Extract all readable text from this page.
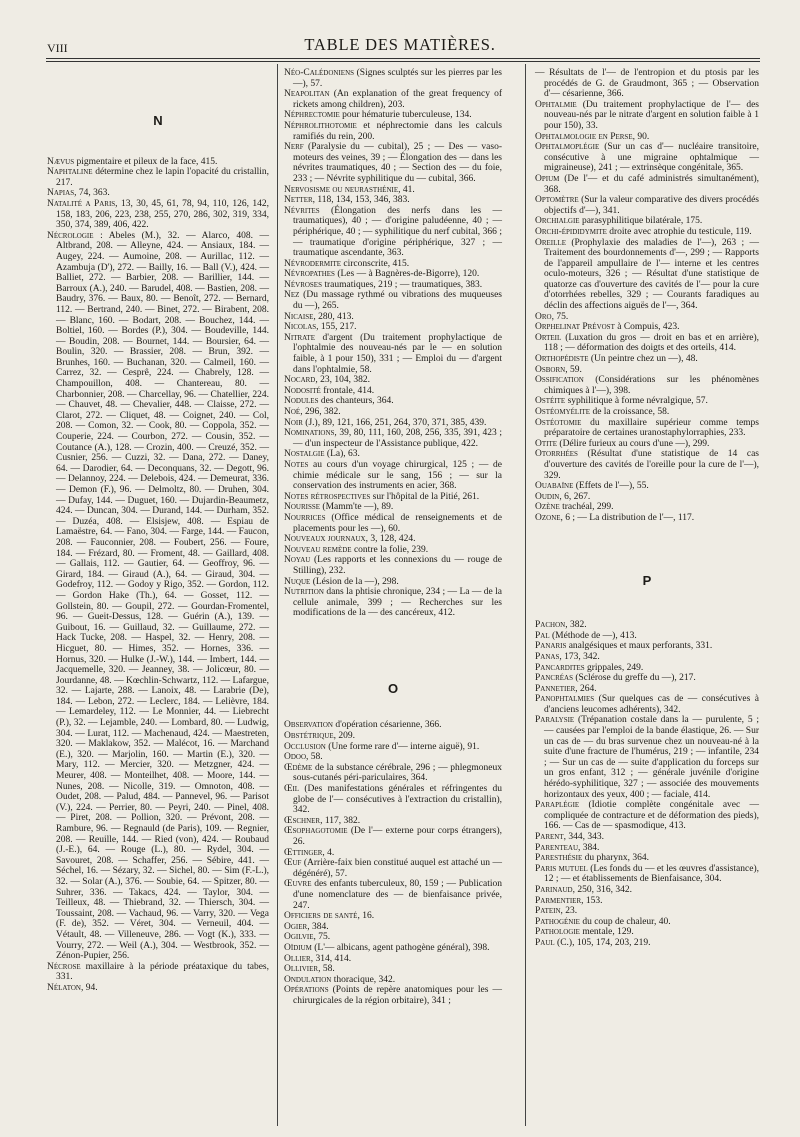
VIII	TABLE DES MATIÈRES.
N

Nævus pigmentaire et pileux de la face, 415.

Naphtaline détermine chez le lapin l'opacité du cristallin, 217.

Napias, 74, 363.

Natalité a Paris, 13, 30, 45, 61, 78, 94, 110, 126, 142, 158, 183, 206, 223, 238, 255, 270, 286, 302, 319, 334, 350, 374, 389, 406, 422.

Nécrologie : Abeles (M.), 32. — Alarco, 408. — Altbrand, 208. — Alleyne, 424. — Ansiaux, 184. — Augey, 224. — Aumoine, 208. — Aurillac, 112. — Azambuja (D'), 272. — Bailly, 16. — Ball (V.), 424. — Balliet, 272. — Barbier, 208. — Barillier, 144. — Barroux (A.), 240. — Barudel, 408. — Bastien, 208. — Baudry, 376. — Baux, 80. — Benoît, 272. — Bernard, 112. — Bertrand, 240. — Binet, 272. — Birabent, 208. — Blanc, 160. — Bodart, 208. — Bouchez, 144. — Boltiel, 160. — Bordes (P.), 304. — Boudeville, 144. — Boudin, 208. — Bournet, 144. — Boursier, 64. — Boulin, 320. — Brassier, 208. — Brun, 392. — Brunhes, 160. — Buchanan, 320. — Calmeil, 160. — Carrez, 32. — Cesprê, 224. — Chabrely, 128. — Champouillon, 408. — Chantereau, 80. — Charbonnier, 208. — Charcellay, 96. — Chatellier, 224. — Chauvet, 48. — Chevalier, 448. — Claisse, 272. — Clarot, 272. — Cliquet, 48. — Coignet, 240. — Col, 208. — Comon, 32. — Cook, 80. — Coppola, 352. — Couperie, 224. — Courbon, 272. — Cousin, 352. — Coutance (A.), 128. — Crozin, 400. — Creuzé, 352. — Cusnier, 256. — Cuzzi, 32. — Dana, 272. — Daney, 64. — Darodier, 64. — Deconquans, 32. — Degott, 96. — Delannoy, 224. — Delebois, 424. — Demeurat, 336. — Demon (F.), 96. — Delmoltz, 80. — Druhen, 304. — Dufay, 144. — Duguet, 160. — Dujardin-Beaumetz, 424. — Duncan, 304. — Durand, 144. — Durham, 352. — Duzéa, 408. — Elsisjew, 408. — Espiau de Lamaëstre, 64. — Fano, 304. — Farge, 144. — Faucon, 208. — Fauconnier, 208. — Foubert, 256. — Foure, 184. — Frézard, 80. — Froment, 48. — Gaillard, 408. — Gallais, 112. — Gautier, 64. — Geoffroy, 96. — Girard, 184. — Giraud (A.), 64. — Giraud, 304. — Godefroy, 112. — Godoy y Rigo, 352. — Gordon, 112. — Gordon Hake (Th.), 64. — Gosset, 112. — Gollstein, 80. — Goupil, 272. — Gourdan-Fromentel, 96. — Gueit-Dessus, 128. — Guérin (A.), 139. — Guibout, 16. — Guillaud, 32. — Guillaume, 272. — Hack Tucke, 208. — Haspel, 32. — Henry, 208. — Hicguet, 80. — Himes, 352. — Hornes, 336. — Hornus, 320. — Hulke (J.-W.), 144. — Imbert, 144. — Jacquemelle, 320. — Jeanney, 38. — Jolicœur, 80. — Jourdanne, 48. — Kœchlin-Schwartz, 112. — Lafargue, 32. — Lajarte, 288. — Lanoix, 48. — Larabrie (De), 184. — Lebon, 272. — Leclerc, 184. — Lelièvre, 184. — Lemardeley, 112. — Le Monnier, 44. — Liebrecht (P.), 32. — Lejamble, 240. — Lombard, 80. — Ludwig, 304. — Lurat, 112. — Machenaud, 424. — Maestreten, 320. — Maklakow, 352. — Malécot, 16. — Marchand (E.), 320. — Marjolin, 160. — Martin (E.), 320. — Mary, 112. — Mercier, 320. — Metzgner, 424. — Meurer, 408. — Monteilhet, 408. — Moore, 144. — Nunes, 208. — Nicolle, 319. — Omnoton, 408. — Oudet, 208. — Palud, 484. — Pannevel, 96. — Parisot (V.), 224. — Perrier, 80. — Peyri, 240. — Pinel, 408. — Piret, 208. — Pollion, 320. — Prévont, 208. — Rambure, 96. — Regnauld (de Paris), 109. — Regnier, 208. — Reuille, 144. — Ried (von), 424. — Roubaud (J.-E.), 64. — Rouge (L.), 80. — Rydel, 304. — Savouret, 208. — Schaffer, 256. — Sébire, 441. — Séchel, 16. — Sézary, 32. — Sichel, 80. — Sim (F.-L.), 32. — Solar (A.), 376. — Soubie, 64. — Spitzer, 80. — Suhrer, 336. — Takacs, 424. — Taylor, 304. — Teilleux, 48. — Thiebrand, 32. — Thiersch, 304. — Toussaint, 208. — Vachaud, 96. — Varry, 320. — Vega (F. de), 352. — Véret, 304. — Verneuil, 404. — Vétault, 48. — Villeneuve, 286. — Vogt (K.), 333. — Vourry, 272. — Weil (A.), 304. — Westbrook, 352. — Zénon-Pupier, 256.

Nécrose maxillaire à la période préataxique du tabes, 331.

Nélaton, 94.

Néo-Calédoniens (Signes sculptés sur les pierres par les —), 57.

Neapolitan (An explanation of the great frequency of rickets among children), 203.

Néphrectomie pour hématurie tuberculeuse, 134.

Néphrolithotomie et néphrectomie dans les calculs ramifiés du rein, 200.

Nerf (Paralysie du — cubital), 25 ; — Des — vaso-moteurs des veines, 39 ; — Élongation des — dans les névrites traumatiques, 40 ; — Section des — du foie, 233 ; — Névrite syphilitique du — cubital, 366.

Nervosisme ou neurasthénie, 41.

Netter, 118, 134, 153, 346, 383.

Névrites (Élongation des nerfs dans les — traumatiques), 40 ; — d'origine paludéenne, 40 ; — périphérique, 40 ; — syphilitique du nerf cubital, 366 ; — traumatique d'origine périphérique, 327 ; — traumatique ascendante, 363.

Névrodermite circonscrite, 415.

Névropathes (Les — à Bagnères-de-Bigorre), 120.

Névroses traumatiques, 219 ; — traumatiques, 383.

Nez (Du massage rythmé ou vibrations des muqueuses du —), 265.

Nicaise, 280, 413.

Nicolas, 155, 217.

Nitrate d'argent (Du traitement prophylactique de l'ophtalmie des nouveau-nés par le — en solution faible, à 1 pour 150), 331 ; — Emploi du — d'argent dans l'ophtalmie, 58.

Nocard, 23, 104, 382.

Nodosité frontale, 414.

Nodules des chanteurs, 364.

Noé, 296, 382.

Noir (J.), 89, 121, 166, 251, 264, 370, 371, 385, 439.

Nominations, 39, 80, 111, 160, 208, 256, 335, 391, 423 ; — d'un inspecteur de l'Assistance publique, 422.

Nostalgie (La), 63.

Notes au cours d'un voyage chirurgical, 125 ; — de chimie médicale sur le sang, 156 ; — sur la conservation des instruments en acier, 368.

Notes rétrospectives sur l'hôpital de la Pitié, 261.

Nourisse (Mamm'te —), 89.

Nourrices (Office médical de renseignements et de placements pour les —), 60.

Nouveaux journaux, 3, 128, 424.

Nouveau remède contre la folie, 239.

Noyau (Les rapports et les connexions du — rouge de Stilling), 232.

Nuque (Lésion de la —), 298.

Nutrition dans la phtisie chronique, 234 ; — La — de la cellule animale, 399 ; — Recherches sur les modifications de la — des cancéreux, 412.

O

Observation d'opération césarienne, 366.

Obstétrique, 209.

Occlusion (Une forme rare d'— interne aiguë), 91.

Odoo, 58.

Œdème de la substance cérébrale, 296 ; — phlegmoneux sous-cutanés péri-pariculaires, 364.

Œil (Des manifestations générales et réfringentes du globe de l'— consécutives à l'extraction du cristallin), 342.

Œschner, 117, 382.

Œsophagotomie (De l'— externe pour corps étrangers), 26.

Œttinger, 4.

Œuf (Arrière-faix bien constitué auquel est attaché un — dégénéré), 57.

Œuvre des enfants tuberculeux, 80, 159 ; — Publication d'une nomenclature des — de bienfaisance privée, 247.

Officiers de santé, 16.

Ogier, 384.

Ogilvie, 75.

Oïdium (L'— albicans, agent pathogène général), 398.

Ollier, 314, 414.

Ollivier, 58.

Ondulation thoracique, 342.

Opérations (Points de repère anatomiques pour les — chirurgicales de la région orbitaire), 341 ;

— Résultats de l'— de l'entropion et du ptosis par les procédés de G. de Graudmont, 365 ; — Observation d'— césarienne, 366.

Ophtalmie (Du traitement prophylactique de l'— des nouveau-nés par le nitrate d'argent en solution faible à 1 pour 150), 33.

Ophtalmologie en Perse, 90.

Ophtalmoplégie (Sur un cas d'— nucléaire transitoire, consécutive à une migraine ophtalmique — migraineuse), 241 ; — extrinsèque congénitale, 365.

Opium (De l'— et du café administrés simultanément), 368.

Optomètre (Sur la valeur comparative des divers procédés objectifs d'—), 341.

Orchialgie parasyphilitique bilatérale, 175.

Orchi-épididymite droite avec atrophie du testicule, 119.

Oreille (Prophylaxie des maladies de l'—), 263 ; — Traitement des bourdonnements d'—, 299 ; — Rapports de l'appareil ampullaire de l'— interne et les centres oculo-moteurs, 326 ; — Résultat d'une statistique de quatorze cas d'ouverture des cavités de l'— pour la cure d'otorrhées rebelles, 329 ; — Courants faradiques au déclin des affections aiguës de l'—, 364.

Oro, 75.

Orphelinat Prévost à Compuis, 423.

Orteil (Luxation du gros — droit en bas et en arrière), 118 ; — déformation des doigts et des orteils, 414.

Orthopédiste (Un peintre chez un —), 48.

Osborn, 59.

Ossification (Considérations sur les phénomènes chimiques à l'—), 398.

Ostéite syphilitique à forme névralgique, 57.

Ostéomyélite de la croissance, 58.

Ostéotomie du maxillaire supérieur comme temps préparatoire de certaines uranostaphylorraphies, 233.

Otite (Délire furieux au cours d'une —), 299.

Otorrhées (Résultat d'une statistique de 14 cas d'ouverture des cavités de l'oreille pour la cure de l'—), 329.

Ouabaïne (Effets de l'—), 55.

Oudin, 6, 267.

Ozène trachéal, 299.

Ozone, 6 ; — La distribution de l'—, 117.

P

Pachon, 382.

Pal (Méthode de —), 413.

Panaris analgésiques et maux perforants, 331.

Panas, 173, 342.

Pancardites grippales, 249.

Pancréas (Sclérose du greffe du —), 217.

Pannetier, 264.

Panophtalmies (Sur quelques cas de — consécutives à d'anciens leucomes adhérents), 342.

Paralysie (Trépanation costale dans la — purulente, 5 ; — causées par l'emploi de la bande élastique, 26. — Sur un cas de — du bras survenue chez un nouveau-né à la suite d'une fracture de l'humérus, 219 ; — infantile, 234 ; — Sur un cas de — suite d'application du forceps sur un gros enfant, 312 ; — générale juvénile d'origine hérédo-syphilitique, 327 ; — associée des mouvements horizontaux des yeux, 400 ; — faciale, 414.

Paraplégie (Idiotie complète congénitale avec — compliquée de contracture et de déformation des pieds), 166. — Cas de — spasmodique, 413.

Parent, 344, 343.

Parenteau, 384.

Paresthésie du pharynx, 364.

Paris mutuel (Les fonds du — et les œuvres d'assistance), 12 ; — et établissements de Bienfaisance, 304.

Parinaud, 250, 316, 342.

Parmentier, 153.

Patein, 23.

Pathogénie du coup de chaleur, 40.

Pathologie mentale, 129.

Paul (C.), 105, 174, 203, 219.
